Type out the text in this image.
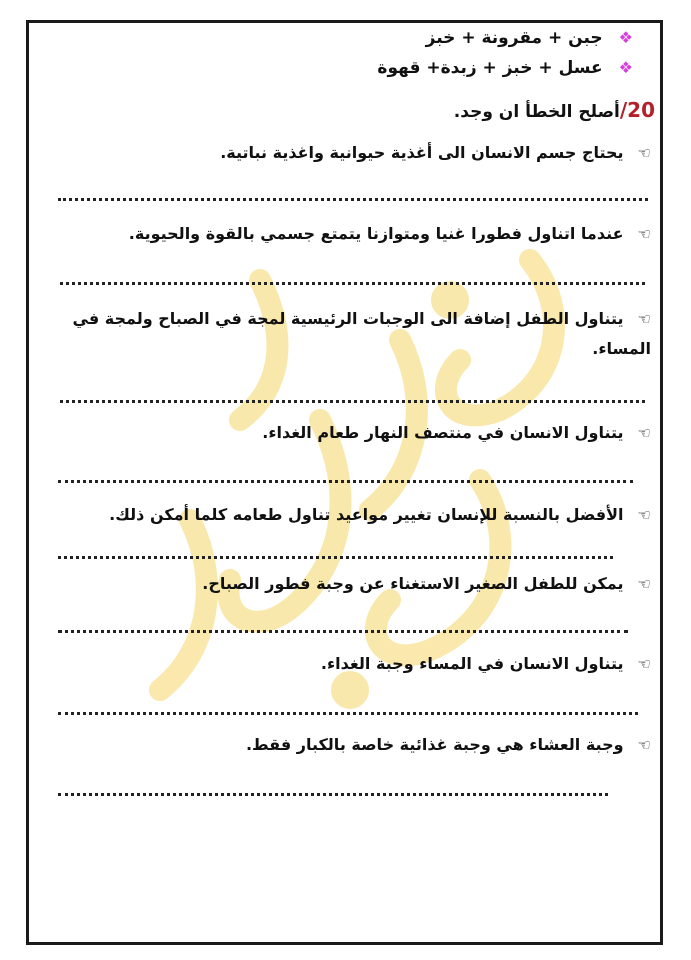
❖جبن + مقرونة + خبز
❖عسل + خبز + زبدة+ قهوة
20/أصلح الخطأ ان وجد.
☜يحتاج جسم الانسان الى أغذية حيوانية واغذية نباتية.
☜عندما اتناول فطورا غنيا ومتوازنا يتمتع جسمي بالقوة والحيوية.
☜يتناول الطفل إضافة الى الوجبات الرئيسية لمجة في الصباح ولمجة في المساء.
☜يتناول الانسان في منتصف النهار طعام الغداء.
☜الأفضل بالنسبة للإنسان تغيير مواعيد تناول طعامه كلما أمكن ذلك.
☜يمكن للطفل الصغير الاستغناء عن وجبة فطور الصباح.
☜يتناول الانسان في المساء وجبة الغداء.
☜وجبة العشاء هي وجبة غذائية خاصة بالكبار فقط.
